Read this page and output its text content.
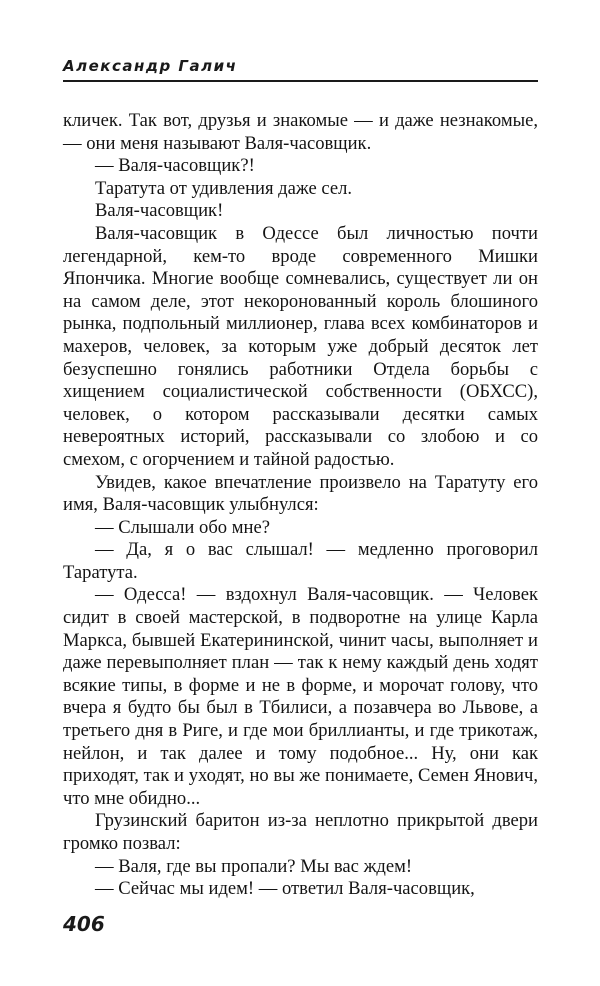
Александр Галич

кличек. Так вот, друзья и знакомые — и даже незнакомые, — они меня называют Валя-часовщик.

— Валя-часовщик?!

Таратута от удивления даже сел.

Валя-часовщик!

Валя-часовщик в Одессе был личностью почти легендарной, кем-то вроде современного Мишки Япончика. Многие вообще сомневались, существует ли он на самом деле, этот некоронованный король блошиного рынка, подпольный миллионер, глава всех комбинаторов и махеров, человек, за которым уже добрый десяток лет безуспешно гонялись работники Отдела борьбы с хищением социалистической собственности (ОБХСС), человек, о котором рассказывали десятки самых невероятных историй, рассказывали со злобою и со смехом, с огорчением и тайной радостью.

Увидев, какое впечатление произвело на Таратуту его имя, Валя-часовщик улыбнулся:

— Слышали обо мне?

— Да, я о вас слышал! — медленно проговорил Таратута.

— Одесса! — вздохнул Валя-часовщик. — Человек сидит в своей мастерской, в подворотне на улице Карла Маркса, бывшей Екатерининской, чинит часы, выполняет и даже перевыполняет план — так к нему каждый день ходят всякие типы, в форме и не в форме, и морочат голову, что вчера я будто бы был в Тбилиси, а позавчера во Львове, а третьего дня в Риге, и где мои бриллианты, и где трикотаж, нейлон, и так далее и тому подобное... Ну, они как приходят, так и уходят, но вы же понимаете, Семен Янович, что мне обидно...

Грузинский баритон из-за неплотно прикрытой двери громко позвал:

— Валя, где вы пропали? Мы вас ждем!

— Сейчас мы идем! — ответил Валя-часовщик,

406
